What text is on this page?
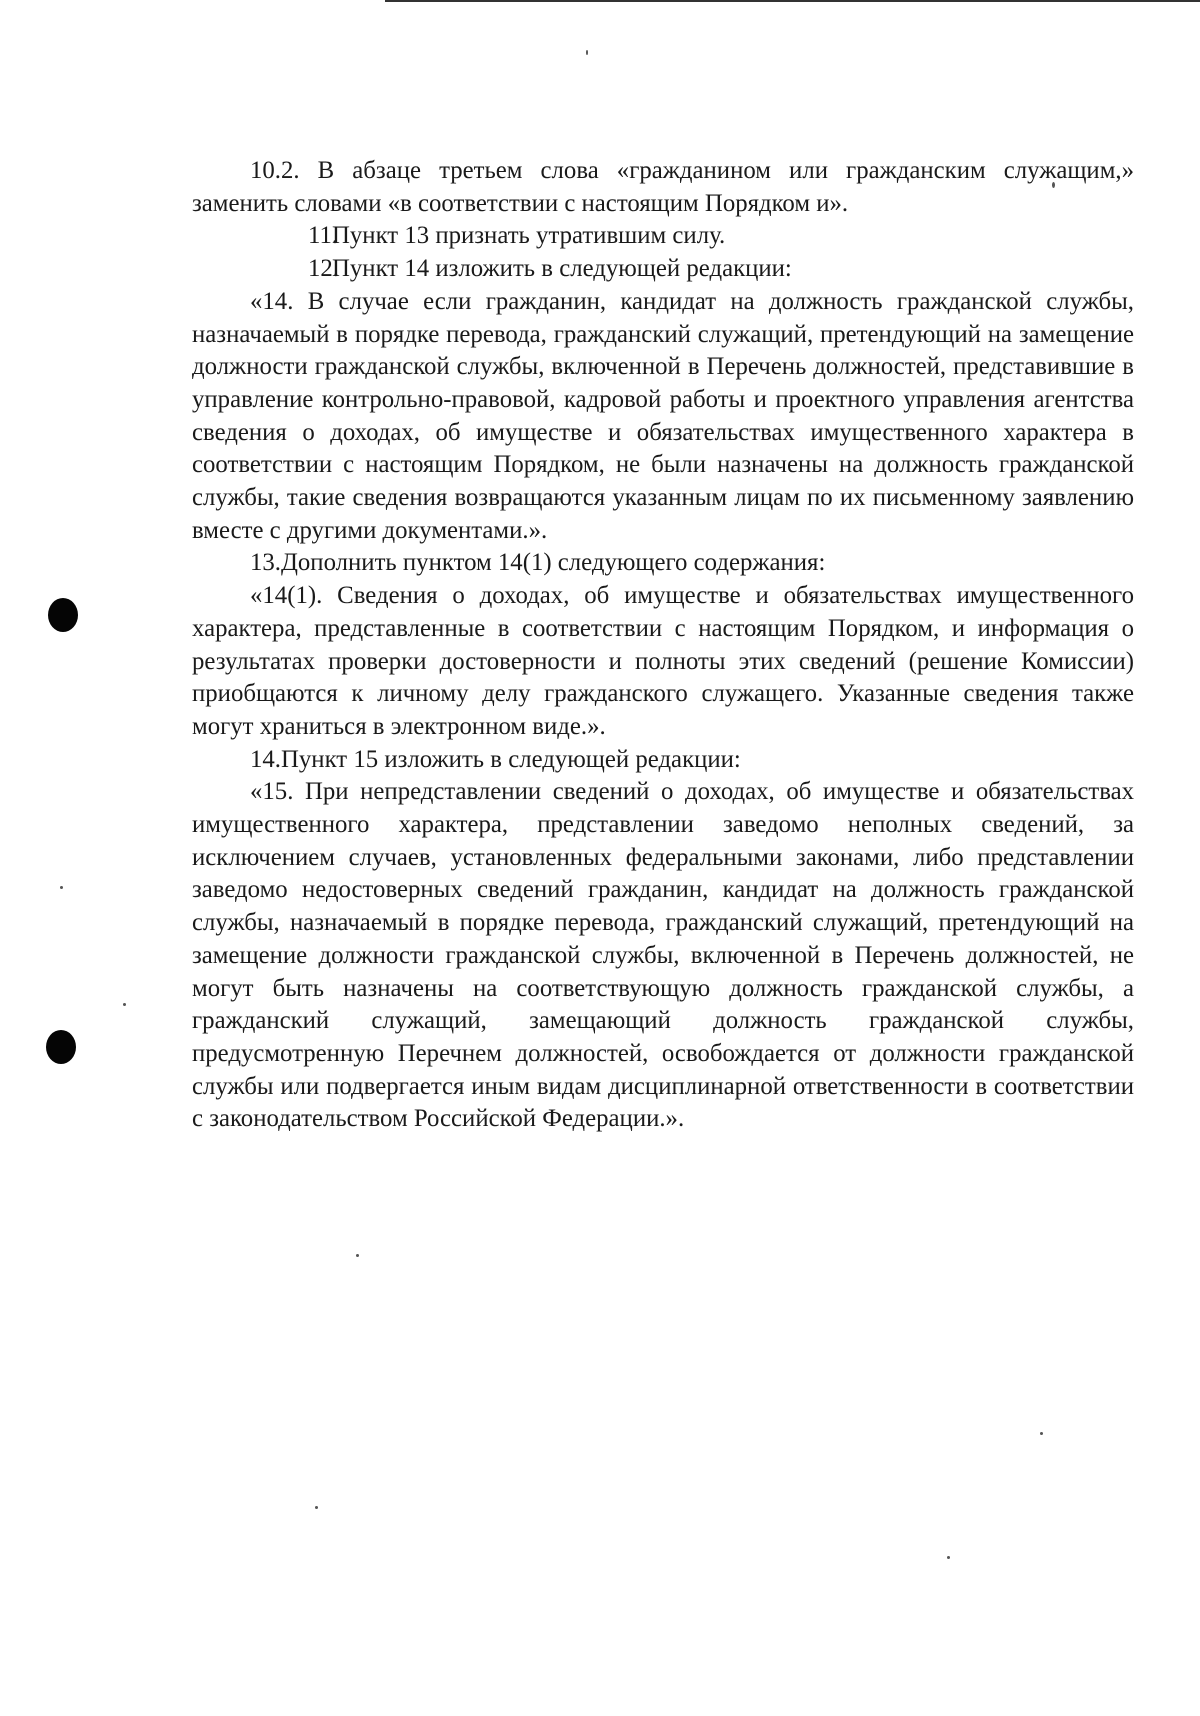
10.2. В абзаце третьем слова «гражданином или гражданским служащим,» заменить словами «в соответствии с настоящим Порядком и».

11.Пункт 13 признать утратившим силу.

12.Пункт 14 изложить в следующей редакции:

«14. В случае если гражданин, кандидат на должность гражданской службы, назначаемый в порядке перевода, гражданский служащий, претендующий на замещение должности гражданской службы, включенной в Перечень должностей, представившие в управление контрольно-правовой, кадровой работы и проектного управления агентства сведения о доходах, об имуществе и обязательствах имущественного характера в соответствии с настоящим Порядком, не были назначены на должность гражданской службы, такие сведения возвращаются указанным лицам по их письменному заявлению вместе с другими документами.».

13.Дополнить пунктом 14(1) следующего содержания:

«14(1). Сведения о доходах, об имуществе и обязательствах имущественного характера, представленные в соответствии с настоящим Порядком, и информация о результатах проверки достоверности и полноты этих сведений (решение Комиссии) приобщаются к личному делу гражданского служащего. Указанные сведения также могут храниться в электронном виде.».

14.Пункт 15 изложить в следующей редакции:

«15. При непредставлении сведений о доходах, об имуществе и обязательствах имущественного характера, представлении заведомо неполных сведений, за исключением случаев, установленных федеральными законами, либо представлении заведомо недостоверных сведений гражданин, кандидат на должность гражданской службы, назначаемый в порядке перевода, гражданский служащий, претендующий на замещение должности гражданской службы, включенной в Перечень должностей, не могут быть назначены на соответствующую должность гражданской службы, а гражданский служащий, замещающий должность гражданской службы, предусмотренную Перечнем должностей, освобождается от должности гражданской службы или подвергается иным видам дисциплинарной ответственности в соответствии с законодательством Российской Федерации.».
